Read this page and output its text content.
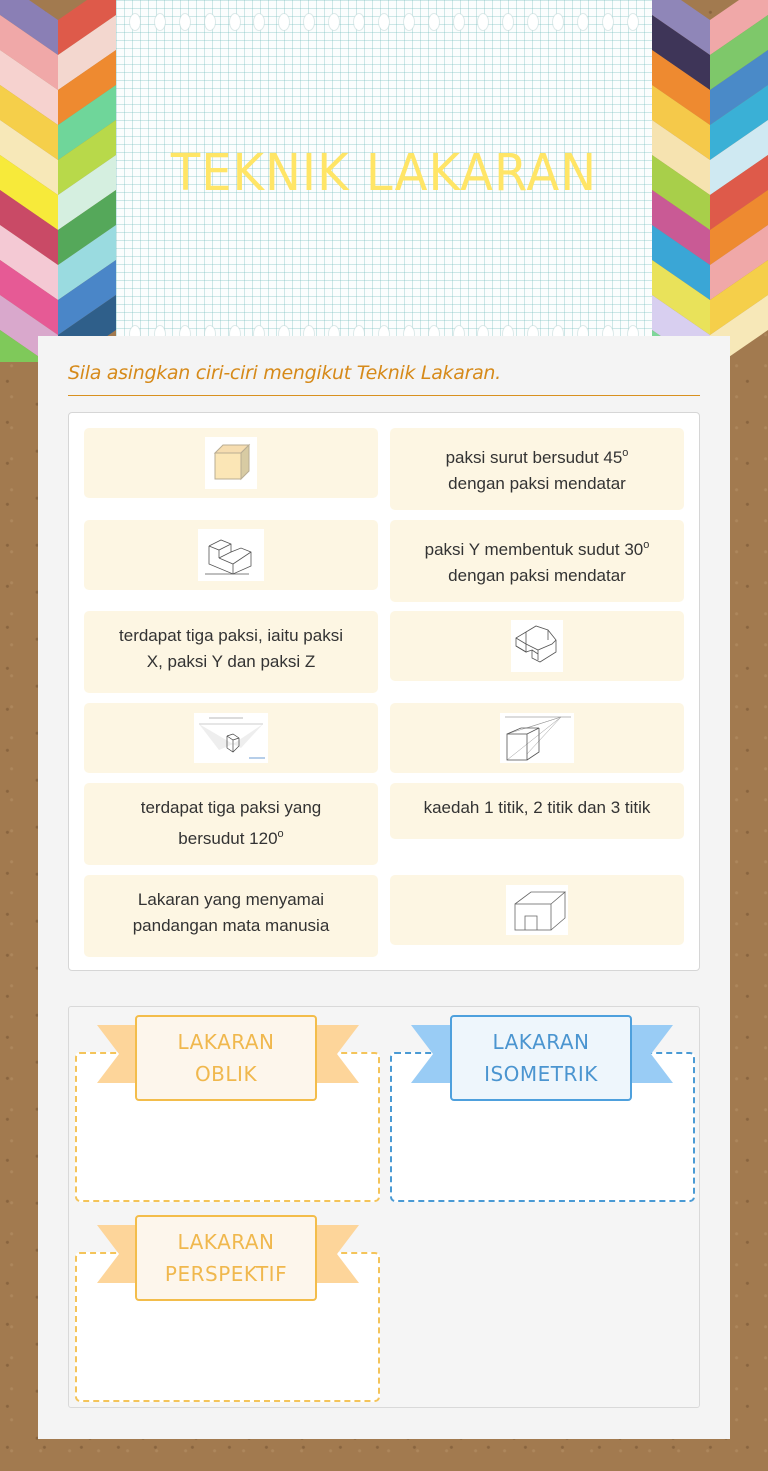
TEKNIK LAKARAN
Sila asingkan ciri-ciri mengikut Teknik Lakaran.
paksi surut bersudut 45$^o$
dengan paksi mendatar
paksi Y membentuk sudut 30$^o$
dengan paksi mendatar
terdapat tiga paksi, iaitu paksi
X, paksi Y dan paksi Z
terdapat tiga paksi yang
bersudut 120$^o$
kaedah 1 titik, 2 titik dan 3 titik
Lakaran yang menyamai
pandangan mata manusia
LAKARAN
OBLIK
LAKARAN
ISOMETRIK
LAKARAN
PERSPEKTIF
